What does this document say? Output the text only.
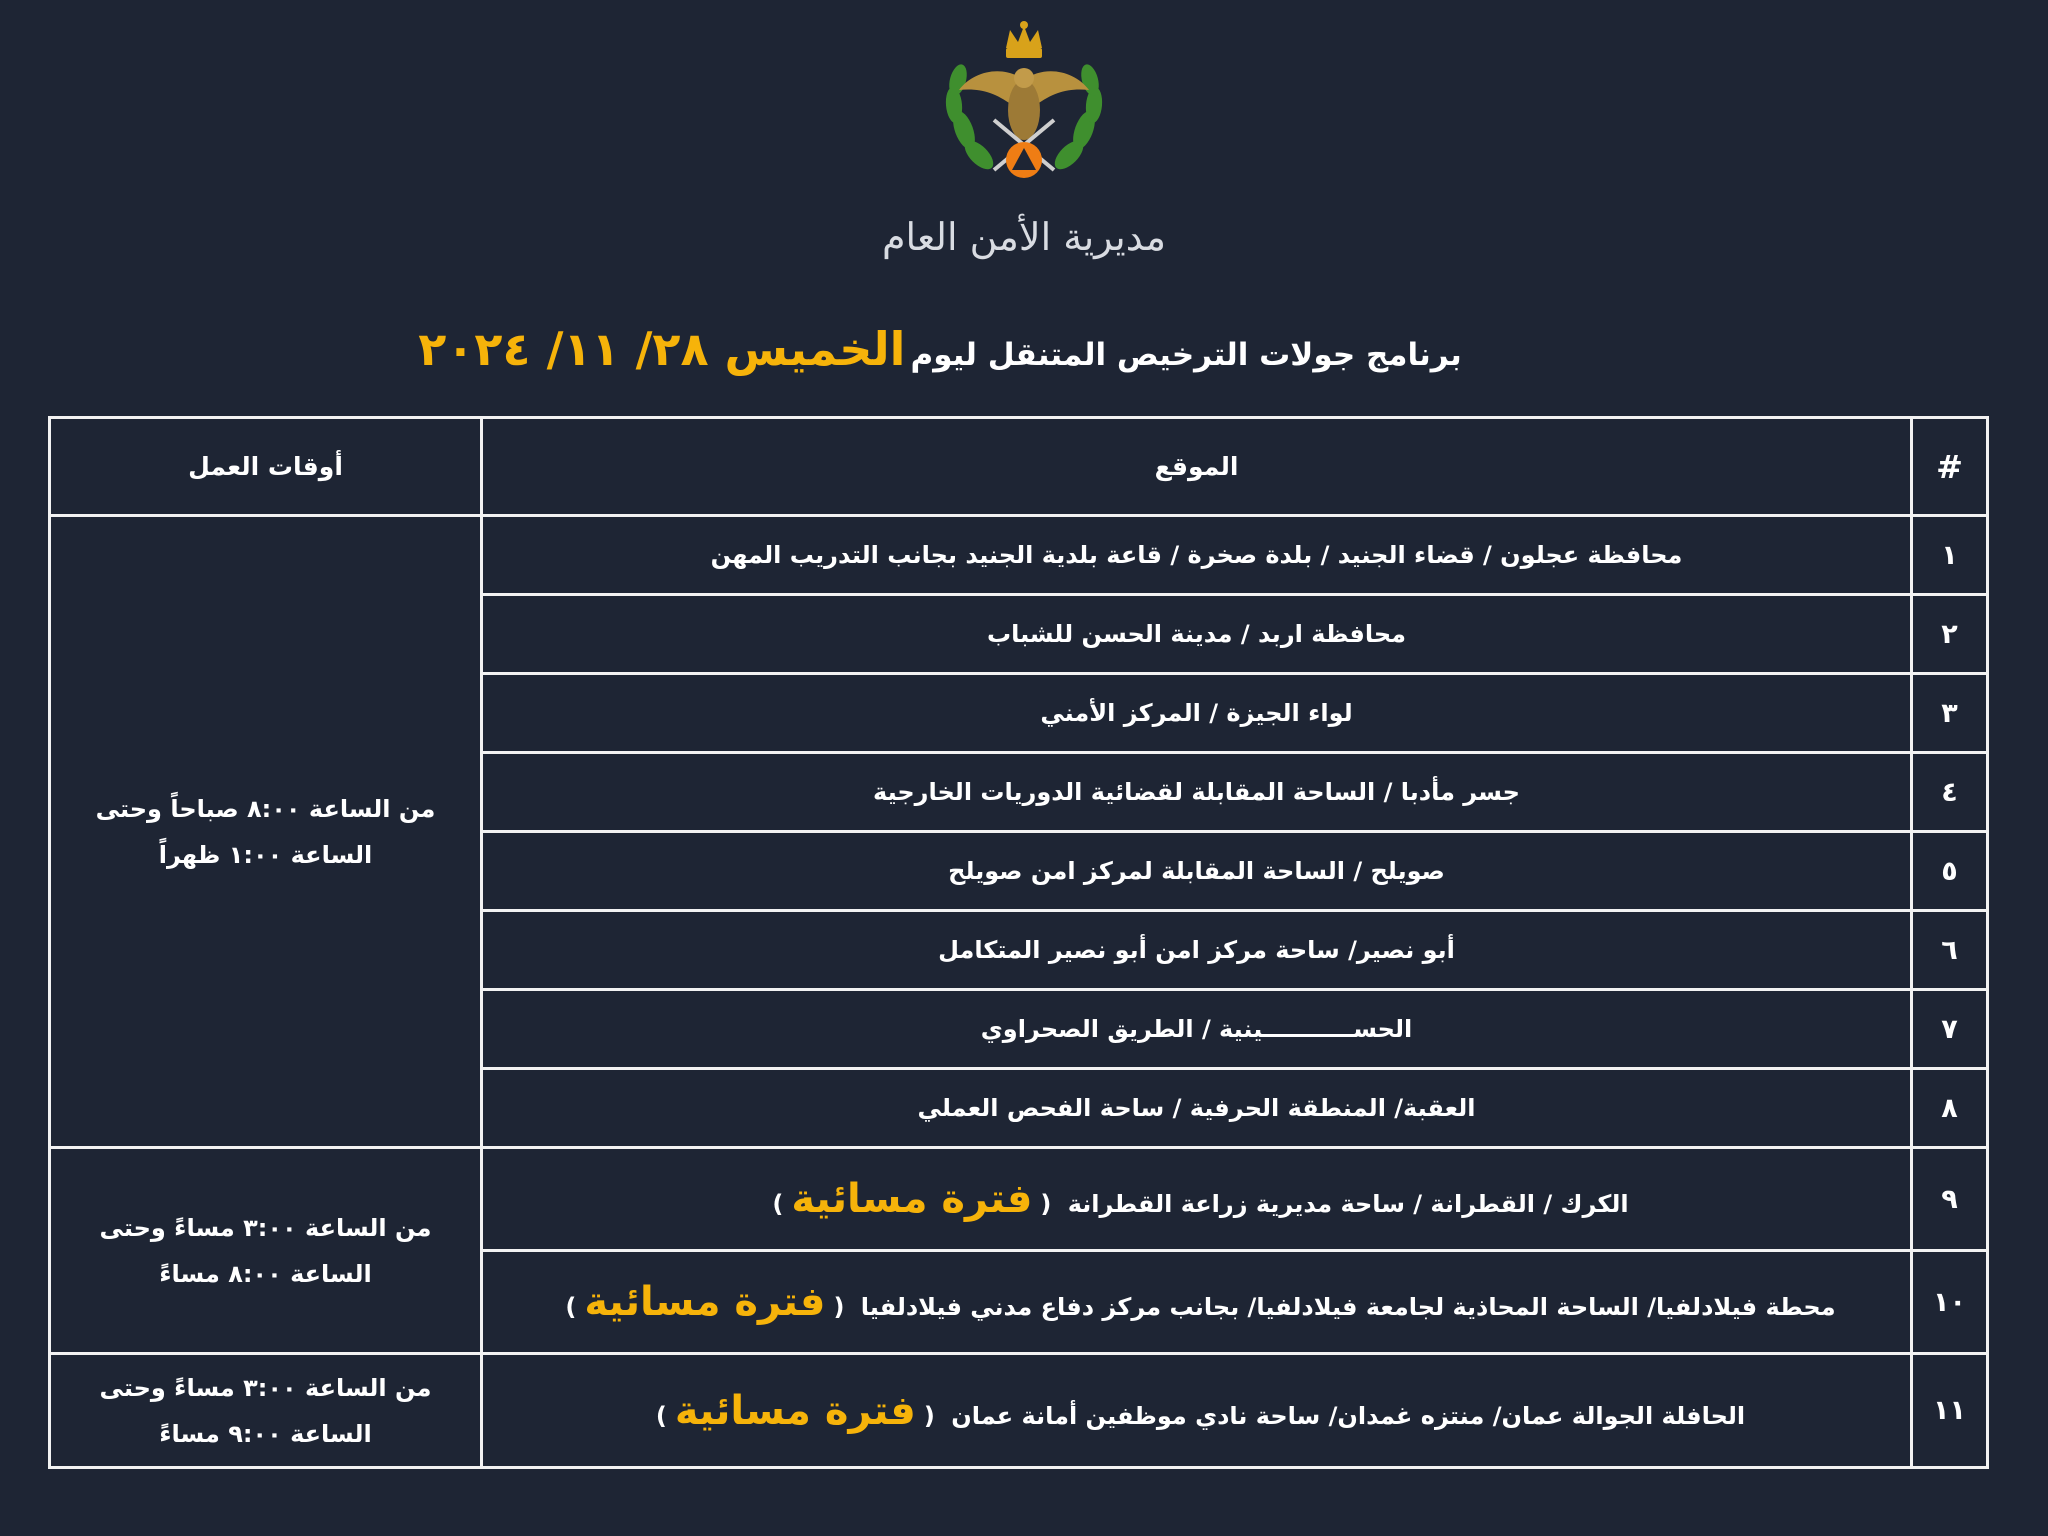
مديرية الأمن العام
برنامج جولات الترخيص المتنقل ليوم الخميس ٢٨/ ١١/ ٢٠٢٤
#	الموقع	أوقات العمل
١	محافظة عجلون / قضاء الجنيد / بلدة صخرة / قاعة بلدية الجنيد بجانب التدريب المهن	من الساعة ٨:٠٠ صباحاً وحتى
الساعة ١:٠٠ ظهراً

٢	محافظة اربد / مدينة الحسن للشباب	
٣	لواء الجيزة / المركز الأمني	
٤	جسر مأدبا / الساحة المقابلة لقضائية الدوريات الخارجية	
٥	صويلح / الساحة المقابلة لمركز امن صويلح	
٦	أبو نصير/ ساحة مركز امن أبو نصير المتكامل	
٧	الحســـــــــــينية / الطريق الصحراوي	
٨	العقبة/ المنطقة الحرفية / ساحة الفحص العملي	
٩	الكرك / القطرانة / ساحة مديرية زراعة القطرانة (فترة مسائية)	من الساعة ٣:٠٠ مساءً وحتى
الساعة ٨:٠٠ مساءً

١٠	محطة فيلادلفيا/ الساحة المحاذية لجامعة فيلادلفيا/ بجانب مركز دفاع مدني فيلادلفيا (فترة مسائية)	
١١	الحافلة الجوالة عمان/ منتزه غمدان/ ساحة نادي موظفين أمانة عمان (فترة مسائية)	من الساعة ٣:٠٠ مساءً وحتى
الساعة ٩:٠٠ مساءً
